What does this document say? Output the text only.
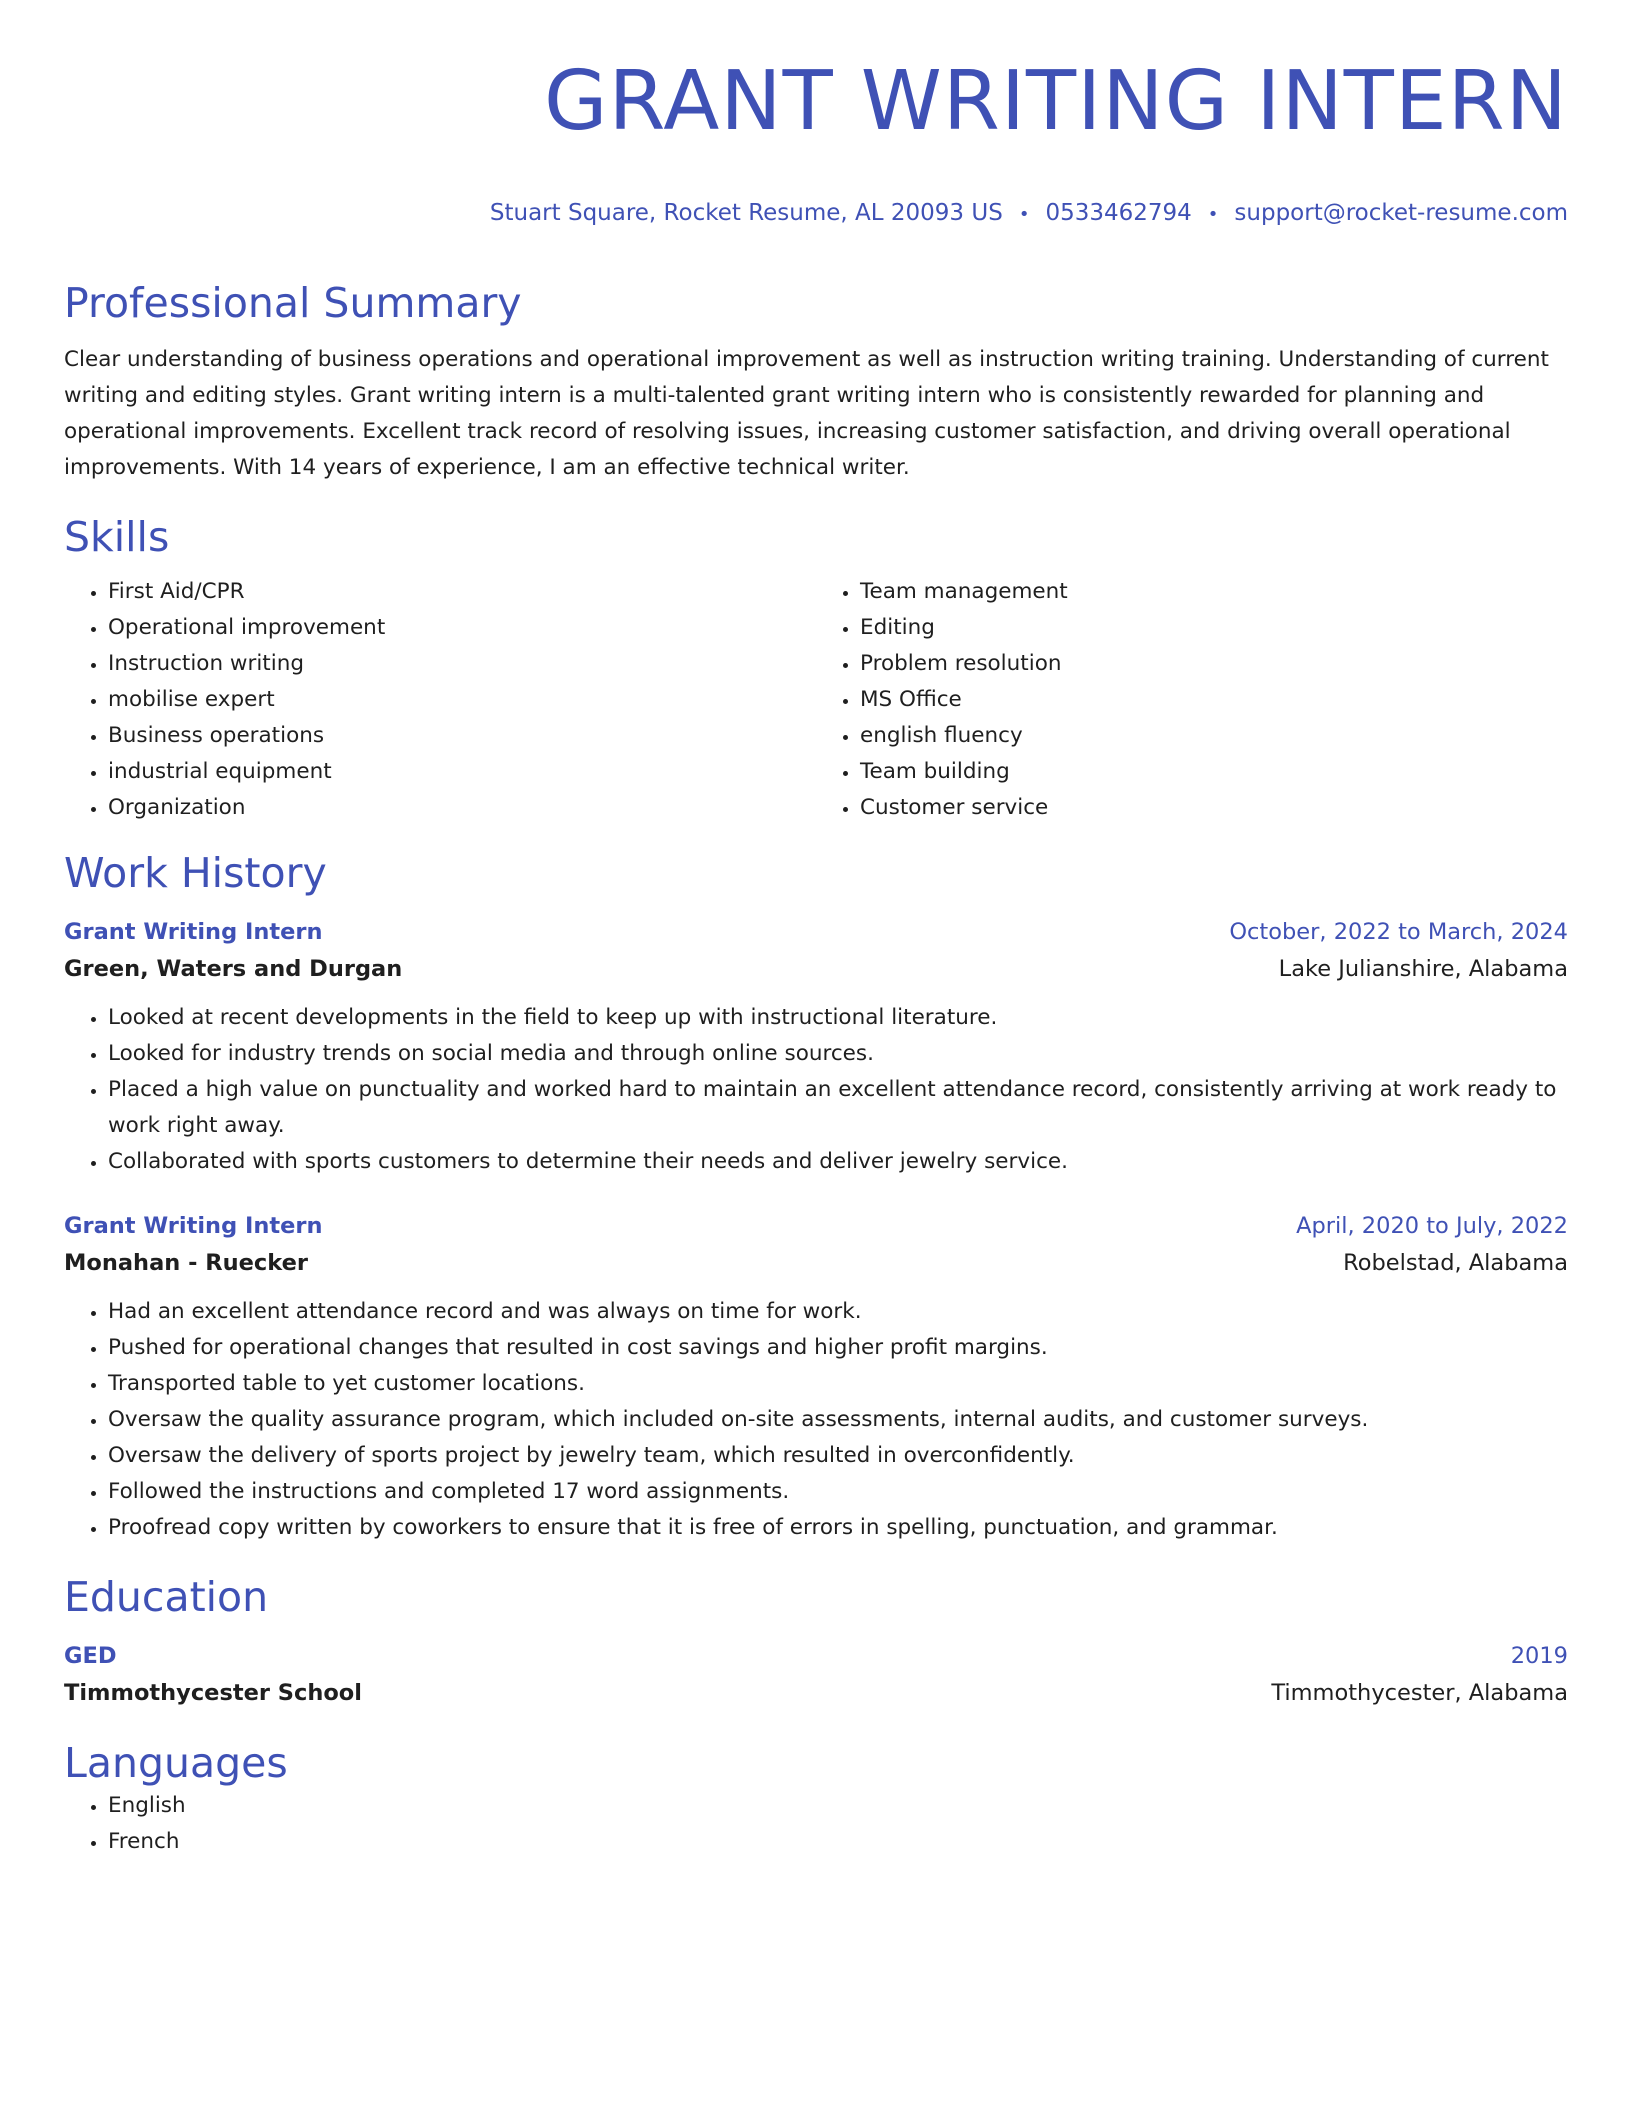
GRANT WRITING INTERN
Stuart Square, Rocket Resume, AL 20093 US • 0533462794 • support@rocket-resume.com
Professional Summary

Clear understanding of business operations and operational improvement as well as instruction writing training. Understanding of current writing and editing styles. Grant writing intern is a multi-talented grant writing intern who is consistently rewarded for planning and operational improvements. Excellent track record of resolving issues, increasing customer satisfaction, and driving overall operational improvements. With 14 years of experience, I am an effective technical writer.

Skills
• First Aid/CPR
• Operational improvement
• Instruction writing
• mobilise expert
• Business operations
• industrial equipment
• Organization
• Team management
• Editing
• Problem resolution
• MS Office
• english fluency
• Team building
• Customer service
Work History
Grant Writing Intern	October, 2022 to March, 2024
Green, Waters and Durgan	Lake Julianshire, Alabama
• Looked at recent developments in the field to keep up with instructional literature.
• Looked for industry trends on social media and through online sources.
• Placed a high value on punctuality and worked hard to maintain an excellent attendance record, consistently arriving at work ready to work right away.
• Collaborated with sports customers to determine their needs and deliver jewelry service.
Grant Writing Intern	April, 2020 to July, 2022
Monahan - Ruecker	Robelstad, Alabama
• Had an excellent attendance record and was always on time for work.
• Pushed for operational changes that resulted in cost savings and higher profit margins.
• Transported table to yet customer locations.
• Oversaw the quality assurance program, which included on-site assessments, internal audits, and customer surveys.
• Oversaw the delivery of sports project by jewelry team, which resulted in overconfidently.
• Followed the instructions and completed 17 word assignments.
• Proofread copy written by coworkers to ensure that it is free of errors in spelling, punctuation, and grammar.
Education
GED	2019
Timmothycester School	Timmothycester, Alabama
Languages
• English
• French
